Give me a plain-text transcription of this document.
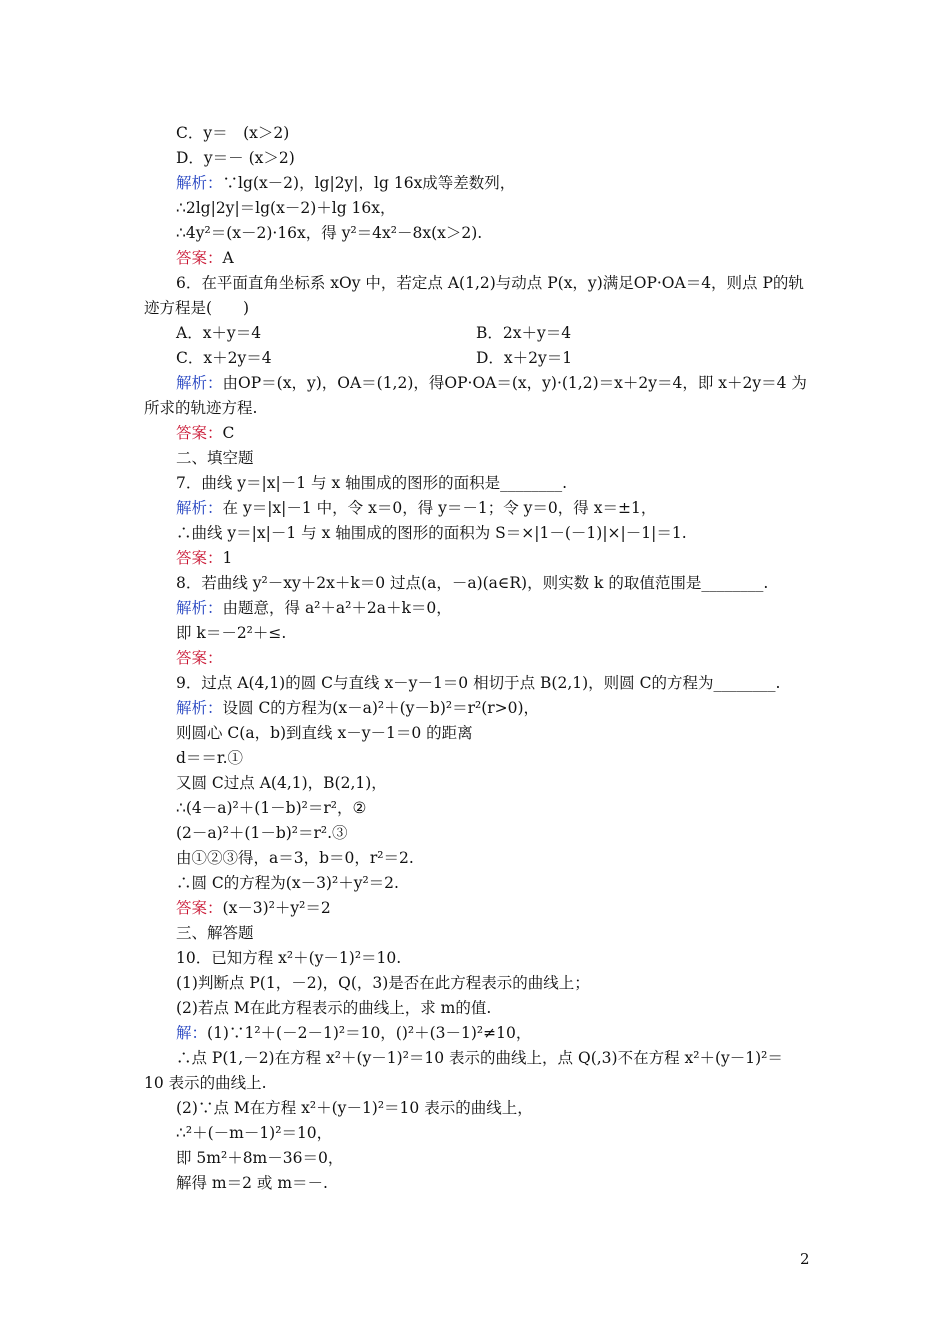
C．y＝　(x＞2)
D．y＝－ (x＞2)
解析：∵lg(x－2)，lg|2y|，lg 16x成等差数列，
∴2lg|2y|＝lg(x－2)＋lg 16x，
∴4y²＝(x－2)·16x，得 y²＝4x²－8x(x＞2).
答案：A
6．在平面直角坐标系 xOy 中，若定点 A(1,2)与动点 P(x，y)满足OP·OA＝4，则点 P的轨
迹方程是(　　)
A．x＋y＝4	B．2x＋y＝4
C．x＋2y＝4	D．x＋2y＝1
解析：由OP＝(x，y)，OA＝(1,2)，得OP·OA＝(x，y)·(1,2)＝x＋2y＝4，即 x＋2y＝4 为
所求的轨迹方程.
答案：C
二、填空题
7．曲线 y＝|x|－1 与 x 轴围成的图形的面积是________.
解析：在 y＝|x|－1 中，令 x＝0，得 y＝－1；令 y＝0，得 x＝±1，
∴曲线 y＝|x|－1 与 x 轴围成的图形的面积为 S＝×|1－(－1)|×|－1|＝1.
答案：1
8．若曲线 y²－xy＋2x＋k＝0 过点(a，－a)(a∈R)，则实数 k 的取值范围是________.
解析：由题意，得 a²＋a²＋2a＋k＝0，
即 k＝－2²＋≤.
答案：
9．过点 A(4,1)的圆 C与直线 x－y－1＝0 相切于点 B(2,1)，则圆 C的方程为________.
解析：设圆 C的方程为(x－a)²＋(y－b)²＝r²(r>0)，
则圆心 C(a，b)到直线 x－y－1＝0 的距离
d＝＝r.①
又圆 C过点 A(4,1)，B(2,1)，
∴(4－a)²＋(1－b)²＝r²，②
(2－a)²＋(1－b)²＝r².③
由①②③得，a＝3，b＝0，r²＝2.
∴圆 C的方程为(x－3)²＋y²＝2.
答案：(x－3)²＋y²＝2
三、解答题
10．已知方程 x²＋(y－1)²＝10.
(1)判断点 P(1，－2)，Q(，3)是否在此方程表示的曲线上；
(2)若点 M在此方程表示的曲线上，求 m的值.
解：(1)∵1²＋(－2－1)²＝10，()²＋(3－1)²≠10，
∴点 P(1,－2)在方程 x²＋(y－1)²＝10 表示的曲线上，点 Q(,3)不在方程 x²＋(y－1)²＝
10 表示的曲线上.
(2)∵点 M在方程 x²＋(y－1)²＝10 表示的曲线上，
∴²＋(－m－1)²＝10，
即 5m²＋8m－36＝0，
解得 m＝2 或 m＝－.
2
